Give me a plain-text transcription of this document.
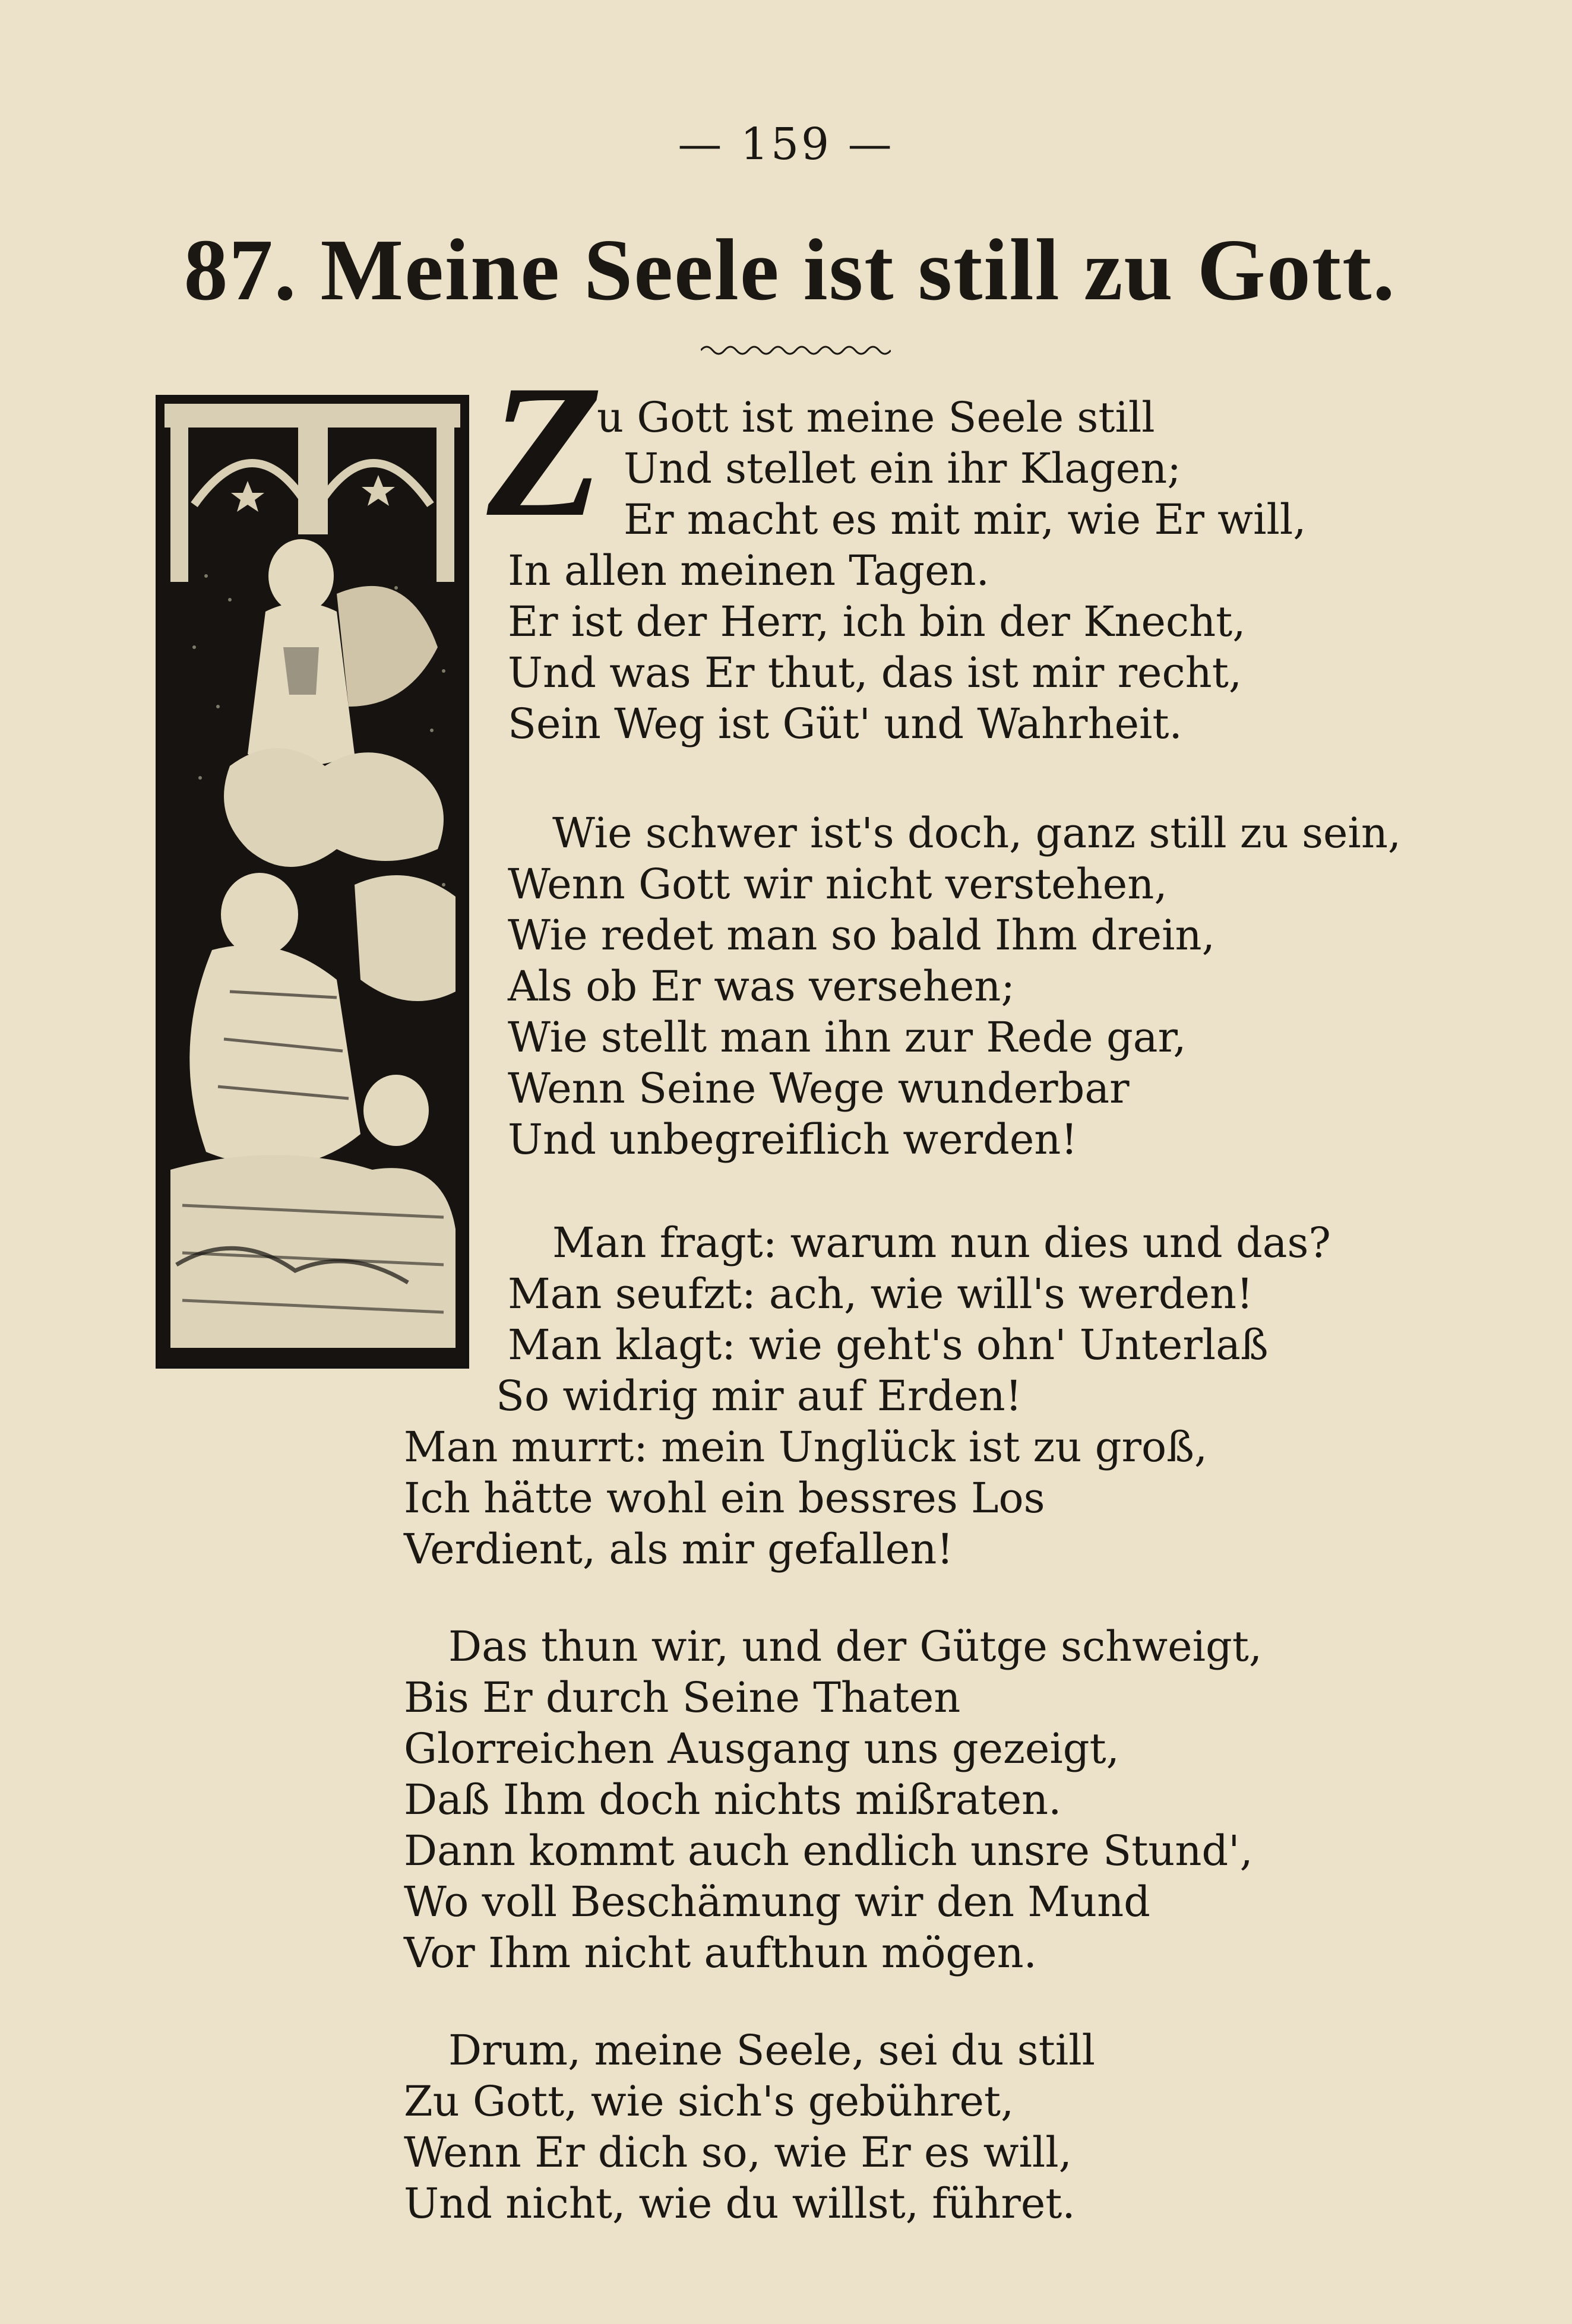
— 159 —
87. Meine Seele ist still zu Gott.
Z
u Gott ist meine Seele still
Und stellet ein ihr Klagen;
Er macht es mit mir, wie Er will,
In allen meinen Tagen.
Er ist der Herr, ich bin der Knecht,
Und was Er thut, das ist mir recht,
Sein Weg ist Güt' und Wahrheit.
Wie schwer ist's doch, ganz still zu sein,
Wenn Gott wir nicht verstehen,
Wie redet man so bald Ihm drein,
Als ob Er was versehen;
Wie stellt man ihn zur Rede gar,
Wenn Seine Wege wunderbar
Und unbegreiflich werden!
Man fragt: warum nun dies und das?
Man seufzt: ach, wie will's werden!
Man klagt: wie geht's ohn' Unterlaß
So widrig mir auf Erden!
Man murrt: mein Unglück ist zu groß,
Ich hätte wohl ein bessres Los
Verdient, als mir gefallen!
Das thun wir, und der Gütge schweigt,
Bis Er durch Seine Thaten
Glorreichen Ausgang uns gezeigt,
Daß Ihm doch nichts mißraten.
Dann kommt auch endlich unsre Stund',
Wo voll Beschämung wir den Mund
Vor Ihm nicht aufthun mögen.
Drum, meine Seele, sei du still
Zu Gott, wie sich's gebühret,
Wenn Er dich so, wie Er es will,
Und nicht, wie du willst, führet.
